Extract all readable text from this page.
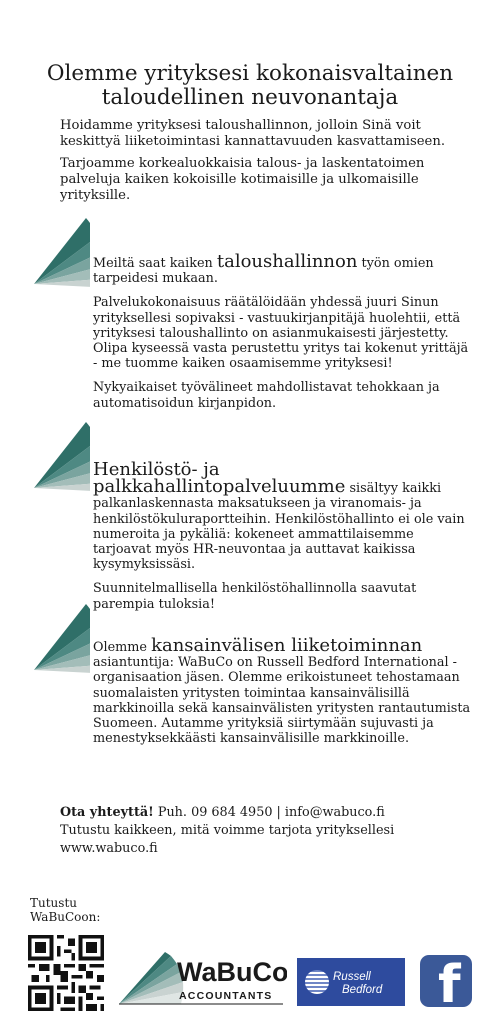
Olemme yrityksesi kokonaisvaltainen
taloudellinen neuvonantaja

Hoidamme yrityksesi taloushallinnon, jolloin Sinä voit keskittyä liiketoimintasi kannattavuuden kasvattamiseen.

Tarjoamme korkealuokkaisia talous- ja laskentatoimen palveluja kaiken kokoisille kotimaisille ja ulkomaisille yrityksille.

Meiltä saat kaiken taloushallinnon työn omien tarpeidesi mukaan.

Palvelukokonaisuus räätälöidään yhdessä juuri Sinun yrityksellesi sopivaksi - vastuukirjanpitäjä huolehtii, että yrityksesi taloushallinto on asianmukaisesti järjestetty. Olipa kyseessä vasta perustettu yritys tai kokenut yrittäjä - me tuomme kaiken osaamisemme yrityksesi!

Nykyaikaiset työvälineet mahdollistavat tehokkaan ja automatisoidun kirjanpidon.

Henkilöstö- ja palkkahallintopalveluumme sisältyy kaikki palkanlaskennasta maksatukseen ja viranomais- ja henkilöstökuluraportteihin. Henkilöstöhallinto ei ole vain numeroita ja pykäliä: kokeneet ammattilaisemme tarjoavat myös HR-neuvontaa ja auttavat kaikissa kysymyksissäsi.

Suunnitelmallisella henkilöstöhallinnolla saavutat parempia tuloksia!

Olemme kansainvälisen liiketoiminnan asiantuntija: WaBuCo on Russell Bedford International -organisaation jäsen. Olemme erikoistuneet tehostamaan suomalaisten yritysten toimintaa kansainvälisillä markkinoilla sekä kansainvälisten yritysten rantautumista Suomeen. Autamme yrityksiä siirtymään sujuvasti ja menestyksekkäästi kansainvälisille markkinoille.

Ota yhteyttä! Puh. 09 684 4950 | info@wabuco.fi
Tutustu kaikkeen, mitä voimme tarjota yrityksellesi www.wabuco.fi
Tutustu
WaBuCoon:
WaBuCo
ACCOUNTANTS
Russell
Bedford f
